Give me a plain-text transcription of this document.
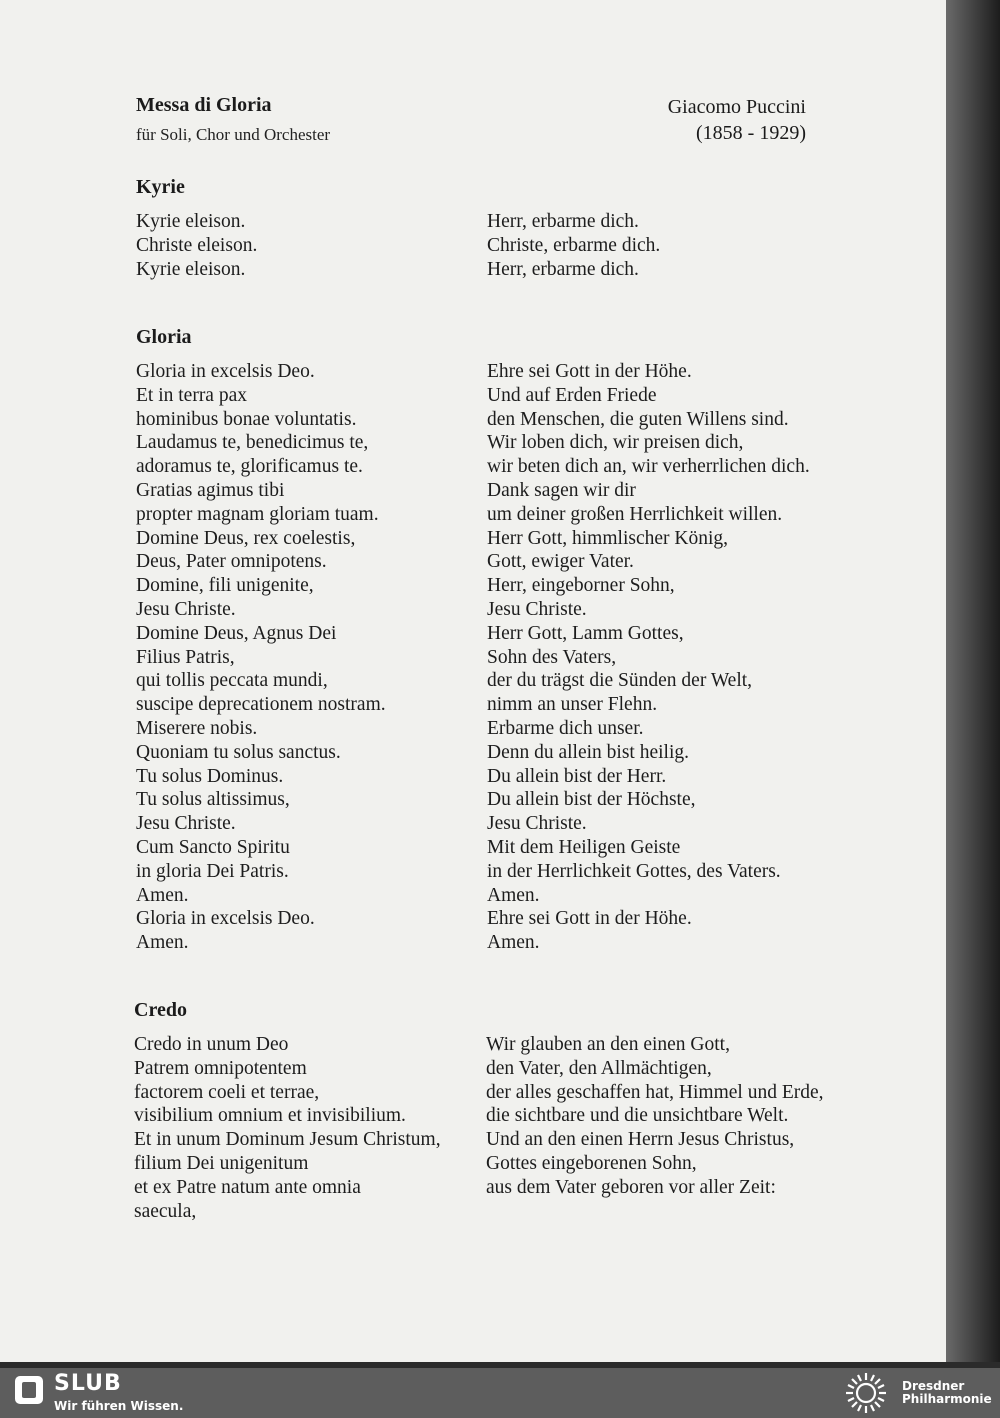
Messa di Gloria
für Soli, Chor und Orchester
Giacomo Puccini
(1858 - 1929)
Kyrie
Kyrie eleison.
Christe eleison.
Kyrie eleison.
Herr, erbarme dich.
Christe, erbarme dich.
Herr, erbarme dich.
Gloria
Gloria in excelsis Deo.
Et in terra pax
hominibus bonae voluntatis.
Laudamus te, benedicimus te,
adoramus te, glorificamus te.
Gratias agimus tibi
propter magnam gloriam tuam.
Domine Deus, rex coelestis,
Deus, Pater omnipotens.
Domine, fili unigenite,
Jesu Christe.
Domine Deus, Agnus Dei
Filius Patris,
qui tollis peccata mundi,
suscipe deprecationem nostram.
Miserere nobis.
Quoniam tu solus sanctus.
Tu solus Dominus.
Tu solus altissimus,
Jesu Christe.
Cum Sancto Spiritu
in gloria Dei Patris.
Amen.
Gloria in excelsis Deo.
Amen.
Ehre sei Gott in der Höhe.
Und auf Erden Friede
den Menschen, die guten Willens sind.
Wir loben dich, wir preisen dich,
wir beten dich an, wir verherrlichen dich.
Dank sagen wir dir
um deiner großen Herrlichkeit willen.
Herr Gott, himmlischer König,
Gott, ewiger Vater.
Herr, eingeborner Sohn,
Jesu Christe.
Herr Gott, Lamm Gottes,
Sohn des Vaters,
der du trägst die Sünden der Welt,
nimm an unser Flehn.
Erbarme dich unser.
Denn du allein bist heilig.
Du allein bist der Herr.
Du allein bist der Höchste,
Jesu Christe.
Mit dem Heiligen Geiste
in der Herrlichkeit Gottes, des Vaters.
Amen.
Ehre sei Gott in der Höhe.
Amen.
Credo
Credo in unum Deo
Patrem omnipotentem
factorem coeli et terrae,
visibilium omnium et invisibilium.
Et in unum Dominum Jesum Christum,
filium Dei unigenitum
et ex Patre natum ante omnia
saecula,
Wir glauben an den einen Gott,
den Vater, den Allmächtigen,
der alles geschaffen hat, Himmel und Erde,
die sichtbare und die unsichtbare Welt.
Und an den einen Herrn Jesus Christus,
Gottes eingeborenen Sohn,
aus dem Vater geboren vor aller Zeit:
SLUB
Wir führen Wissen.
Dresdner
Philharmonie
